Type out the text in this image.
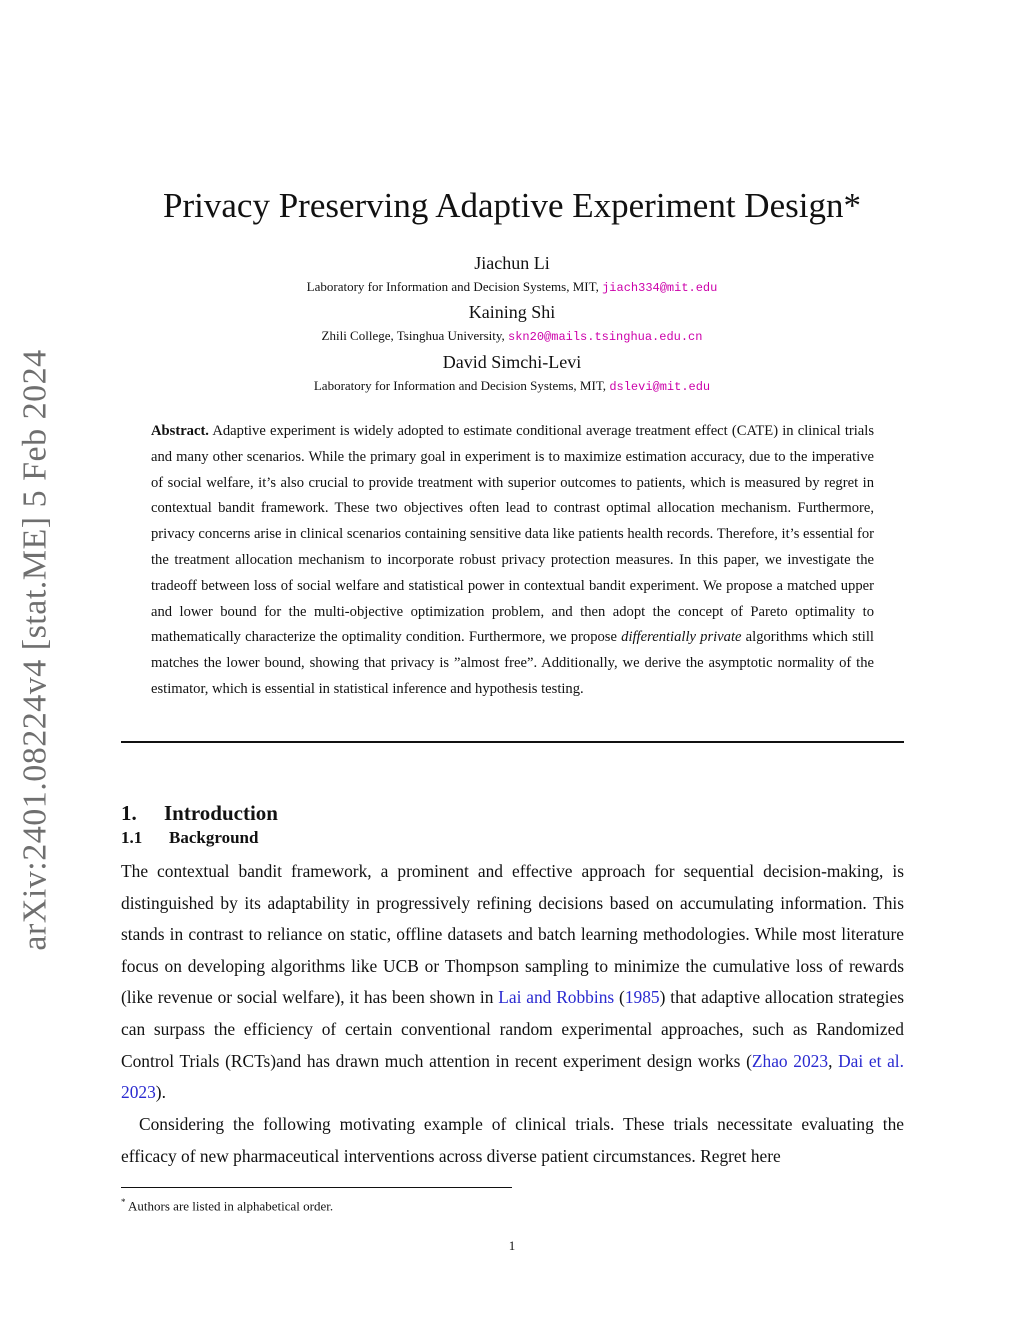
arXiv:2401.08224v4 [stat.ME] 5 Feb 2024
Privacy Preserving Adaptive Experiment Design*
Jiachun Li
Laboratory for Information and Decision Systems, MIT, jiach334@mit.edu
Kaining Shi
Zhili College, Tsinghua University, skn20@mails.tsinghua.edu.cn
David Simchi-Levi
Laboratory for Information and Decision Systems, MIT, dslevi@mit.edu
Abstract. Adaptive experiment is widely adopted to estimate conditional average treatment effect (CATE) in clinical trials and many other scenarios. While the primary goal in experiment is to maximize estimation accuracy, due to the imperative of social welfare, it’s also crucial to provide treatment with superior outcomes to patients, which is measured by regret in contextual bandit framework. These two objectives often lead to contrast optimal allocation mechanism. Furthermore, privacy concerns arise in clinical scenarios containing sensitive data like patients health records. Therefore, it’s essential for the treatment allocation mechanism to incorporate robust privacy protection measures. In this paper, we investigate the tradeoff between loss of social welfare and statistical power in contextual bandit experiment. We propose a matched upper and lower bound for the multi-objective optimization problem, and then adopt the concept of Pareto optimality to mathematically characterize the optimality condition. Furthermore, we propose differentially private algorithms which still matches the lower bound, showing that privacy is ”almost free”. Additionally, we derive the asymptotic normality of the estimator, which is essential in statistical inference and hypothesis testing.
1. Introduction
1.1 Background
The contextual bandit framework, a prominent and effective approach for sequential decision-making, is distinguished by its adaptability in progressively refining decisions based on accumulating information. This stands in contrast to reliance on static, offline datasets and batch learning methodologies. While most literature focus on developing algorithms like UCB or Thompson sampling to minimize the cumulative loss of rewards (like revenue or social welfare), it has been shown in Lai and Robbins (1985) that adaptive allocation strategies can surpass the efficiency of certain conventional random experimental approaches, such as Randomized Control Trials (RCTs)and has drawn much attention in recent experiment design works (Zhao 2023, Dai et al. 2023).
Considering the following motivating example of clinical trials. These trials necessitate evaluating the efficacy of new pharmaceutical interventions across diverse patient circumstances. Regret here
* Authors are listed in alphabetical order.
1
